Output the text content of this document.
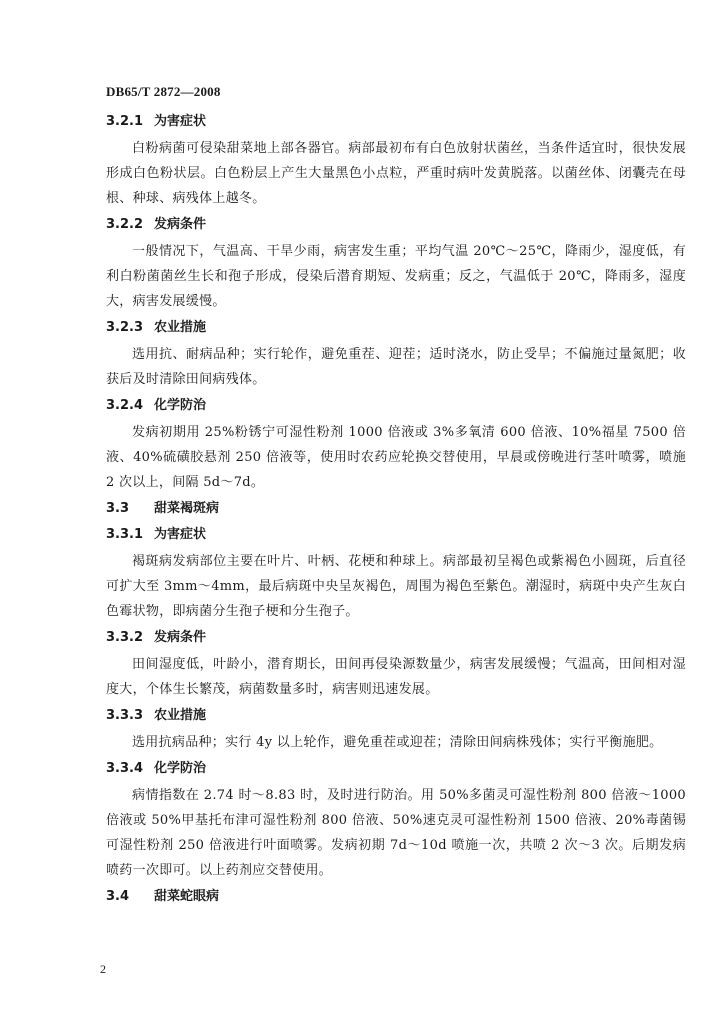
DB65/T 2872—2008
3.2.1 为害症状

白粉病菌可侵染甜菜地上部各器官。病部最初布有白色放射状菌丝，当条件适宜时，很快发展形成白色粉状层。白色粉层上产生大量黑色小点粒，严重时病叶发黄脱落。以菌丝体、闭囊壳在母根、种球、病残体上越冬。

3.2.2 发病条件

一般情况下，气温高、干旱少雨，病害发生重；平均气温 20℃～25℃，降雨少，湿度低，有利白粉菌菌丝生长和孢子形成，侵染后潜育期短、发病重；反之，气温低于 20℃，降雨多，湿度大，病害发展缓慢。

3.2.3 农业措施

选用抗、耐病品种；实行轮作，避免重茬、迎茬；适时浇水，防止受旱；不偏施过量氮肥；收获后及时清除田间病残体。

3.2.4 化学防治

发病初期用 25%粉锈宁可湿性粉剂 1000 倍液或 3%多氧清 600 倍液、10%福星 7500 倍液、40%硫磺胶悬剂 250 倍液等，使用时农药应轮换交替使用，早晨或傍晚进行茎叶喷雾，喷施 2 次以上，间隔 5d～7d。

3.3 甜菜褐斑病
3.3.1 为害症状

褐斑病发病部位主要在叶片、叶柄、花梗和种球上。病部最初呈褐色或紫褐色小圆斑，后直径可扩大至 3mm～4mm，最后病斑中央呈灰褐色，周围为褐色至紫色。潮湿时，病斑中央产生灰白色霉状物，即病菌分生孢子梗和分生孢子。

3.3.2 发病条件

田间湿度低，叶龄小，潜育期长，田间再侵染源数量少，病害发展缓慢；气温高，田间相对湿度大，个体生长繁茂，病菌数量多时，病害则迅速发展。

3.3.3 农业措施

选用抗病品种；实行 4y 以上轮作，避免重茬或迎茬；清除田间病株残体；实行平衡施肥。

3.3.4 化学防治

病情指数在 2.74 时～8.83 时，及时进行防治。用 50%多菌灵可湿性粉剂 800 倍液～1000 倍液或 50%甲基托布津可湿性粉剂 800 倍液、50%速克灵可湿性粉剂 1500 倍液、20%毒菌锡可湿性粉剂 250 倍液进行叶面喷雾。发病初期 7d～10d 喷施一次，共喷 2 次～3 次。后期发病喷药一次即可。以上药剂应交替使用。

3.4 甜菜蛇眼病
2
